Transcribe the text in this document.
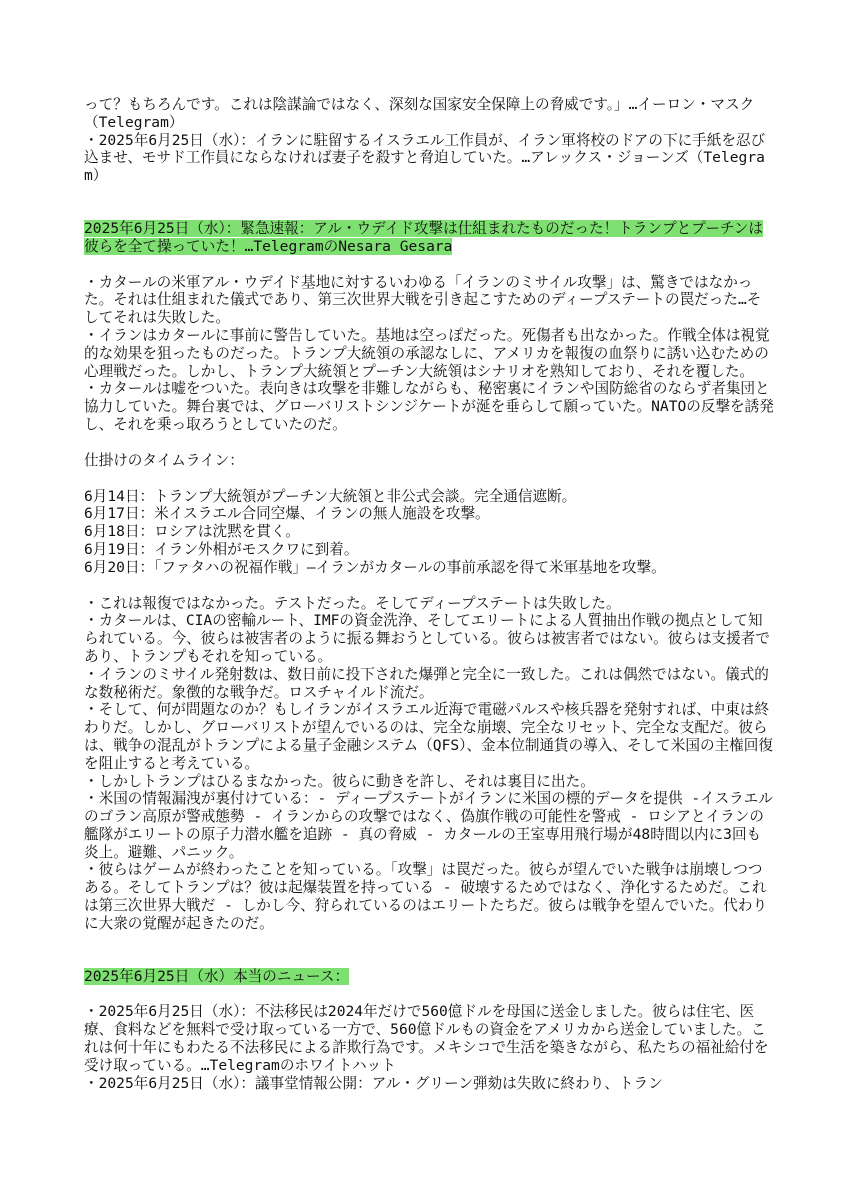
って？もちろんです。これは陰謀論ではなく、深刻な国家安全保障上の脅威です。」…イーロン・マスク（Telegram）

・2025年6月25日（水）：イランに駐留するイスラエル工作員が、イラン軍将校のドアの下に手紙を忍び込ませ、モサド工作員にならなければ妻子を殺すと脅迫していた。…アレックス・ジョーンズ（Telegram）

2025年6月25日（水）：緊急速報：アル・ウデイド攻撃は仕組まれたものだった！トランプとプーチンは彼らを全て操っていた！…TelegramのNesara Gesara

・カタールの米軍アル・ウデイド基地に対するいわゆる「イランのミサイル攻撃」は、驚きではなかった。それは仕組まれた儀式であり、第三次世界大戦を引き起こすためのディープステートの罠だった…そしてそれは失敗した。

・イランはカタールに事前に警告していた。基地は空っぽだった。死傷者も出なかった。作戦全体は視覚的な効果を狙ったものだった。トランプ大統領の承認なしに、アメリカを報復の血祭りに誘い込むための心理戦だった。しかし、トランプ大統領とプーチン大統領はシナリオを熟知しており、それを覆した。

・カタールは嘘をついた。表向きは攻撃を非難しながらも、秘密裏にイランや国防総省のならず者集団と協力していた。舞台裏では、グローバリストシンジケートが涎を垂らして願っていた。NATOの反撃を誘発し、それを乗っ取ろうとしていたのだ。

仕掛けのタイムライン：

6月14日：トランプ大統領がプーチン大統領と非公式会談。完全通信遮断。

6月17日：米イスラエル合同空爆、イランの無人施設を攻撃。

6月18日：ロシアは沈黙を貫く。

6月19日：イラン外相がモスクワに到着。

6月20日：「ファタハの祝福作戦」―イランがカタールの事前承認を得て米軍基地を攻撃。

・これは報復ではなかった。テストだった。そしてディープステートは失敗した。

・カタールは、CIAの密輸ルート、IMFの資金洗浄、そしてエリートによる人質抽出作戦の拠点として知られている。今、彼らは被害者のように振る舞おうとしている。彼らは被害者ではない。彼らは支援者であり、トランプもそれを知っている。

・イランのミサイル発射数は、数日前に投下された爆弾と完全に一致した。これは偶然ではない。儀式的な数秘術だ。象徴的な戦争だ。ロスチャイルド流だ。

・そして、何が問題なのか？もしイランがイスラエル近海で電磁パルスや核兵器を発射すれば、中東は終わりだ。しかし、グローバリストが望んでいるのは、完全な崩壊、完全なリセット、完全な支配だ。彼らは、戦争の混乱がトランプによる量子金融システム（QFS）、金本位制通貨の導入、そして米国の主権回復を阻止すると考えている。

・しかしトランプはひるまなかった。彼らに動きを許し、それは裏目に出た。

・米国の情報漏洩が裏付けている：- ディープステートがイランに米国の標的データを提供 -イスラエルのゴラン高原が警戒態勢 - イランからの攻撃ではなく、偽旗作戦の可能性を警戒 - ロシアとイランの艦隊がエリートの原子力潜水艦を追跡 - 真の脅威 - カタールの王室専用飛行場が48時間以内に3回も炎上。避難、パニック。

・彼らはゲームが終わったことを知っている。「攻撃」は罠だった。彼らが望んでいた戦争は崩壊しつつある。そしてトランプは？彼は起爆装置を持っている - 破壊するためではなく、浄化するためだ。これは第三次世界大戦だ - しかし今、狩られているのはエリートたちだ。彼らは戦争を望んでいた。代わりに大衆の覚醒が起きたのだ。

2025年6月25日（水）本当のニュース：

・2025年6月25日（水）：不法移民は2024年だけで560億ドルを母国に送金しました。彼らは住宅、医療、食料などを無料で受け取っている一方で、560億ドルもの資金をアメリカから送金していました。これは何十年にもわたる不法移民による詐欺行為です。メキシコで生活を築きながら、私たちの福祉給付を受け取っている。…Telegramのホワイトハット

・2025年6月25日（水）：議事堂情報公開：アル・グリーン弾劾は失敗に終わり、トラン
